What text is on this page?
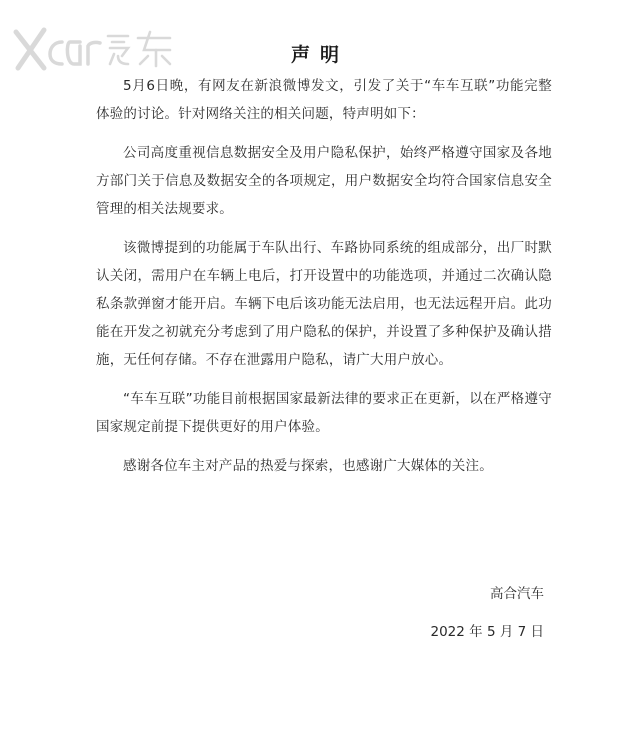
声明

5月6日晚，有网友在新浪微博发文，引发了关于“车车互联”功能完整体验的讨论。针对网络关注的相关问题，特声明如下：

公司高度重视信息数据安全及用户隐私保护，始终严格遵守国家及各地方部门关于信息及数据安全的各项规定，用户数据安全均符合国家信息安全管理的相关法规要求。

该微博提到的功能属于车队出行、车路协同系统的组成部分，出厂时默认关闭，需用户在车辆上电后，打开设置中的功能选项，并通过二次确认隐私条款弹窗才能开启。车辆下电后该功能无法启用，也无法远程开启。此功能在开发之初就充分考虑到了用户隐私的保护，并设置了多种保护及确认措施，无任何存储。不存在泄露用户隐私，请广大用户放心。

“车车互联”功能目前根据国家最新法律的要求正在更新，以在严格遵守国家规定前提下提供更好的用户体验。

感谢各位车主对产品的热爱与探索，也感谢广大媒体的关注。

高合汽车
2022 年 5 月 7 日
